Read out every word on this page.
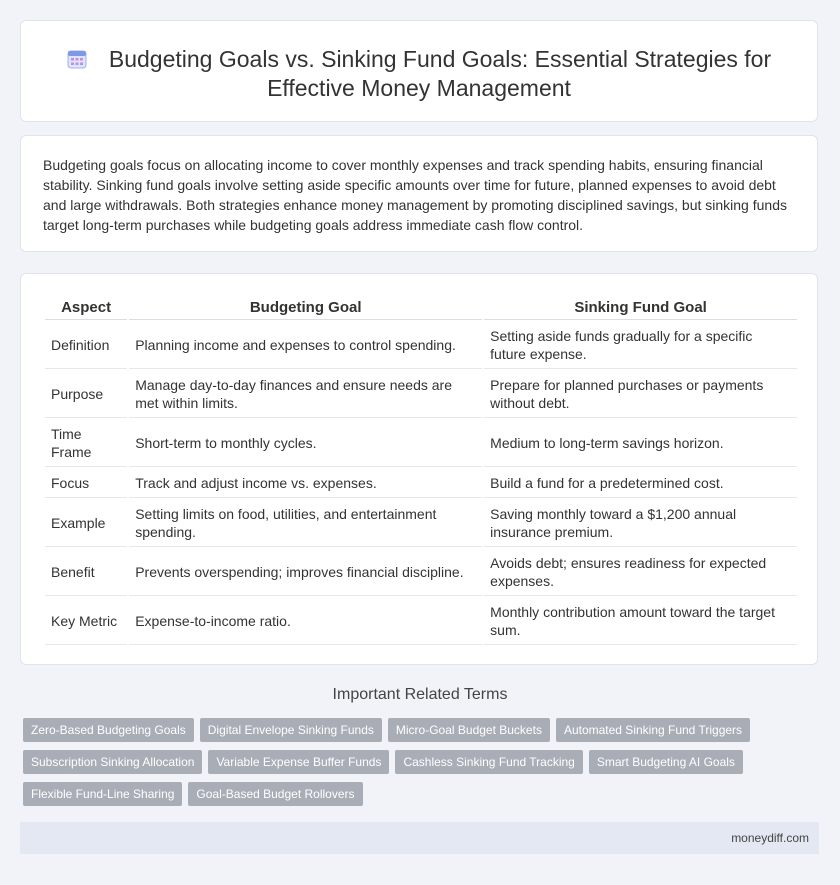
Budgeting Goals vs. Sinking Fund Goals: Essential Strategies for Effective Money Management
Budgeting goals focus on allocating income to cover monthly expenses and track spending habits, ensuring financial stability. Sinking fund goals involve setting aside specific amounts over time for future, planned expenses to avoid debt and large withdrawals. Both strategies enhance money management by promoting disciplined savings, but sinking funds target long-term purchases while budgeting goals address immediate cash flow control.
Aspect	Budgeting Goal	Sinking Fund Goal
Definition	Planning income and expenses to control spending.	Setting aside funds gradually for a specific future expense.
Purpose	Manage day-to-day finances and ensure needs are met within limits.	Prepare for planned purchases or payments without debt.
Time Frame	Short-term to monthly cycles.	Medium to long-term savings horizon.
Focus	Track and adjust income vs. expenses.	Build a fund for a predetermined cost.
Example	Setting limits on food, utilities, and entertainment spending.	Saving monthly toward a $1,200 annual insurance premium.
Benefit	Prevents overspending; improves financial discipline.	Avoids debt; ensures readiness for expected expenses.
Key Metric	Expense-to-income ratio.	Monthly contribution amount toward the target sum.
Important Related Terms
Zero-Based Budgeting Goals Digital Envelope Sinking Funds Micro-Goal Budget Buckets Automated Sinking Fund TriggersSubscription Sinking Allocation Variable Expense Buffer Funds Cashless Sinking Fund Tracking Smart Budgeting AI GoalsFlexible Fund-Line Sharing Goal-Based Budget Rollovers
moneydiff.com
